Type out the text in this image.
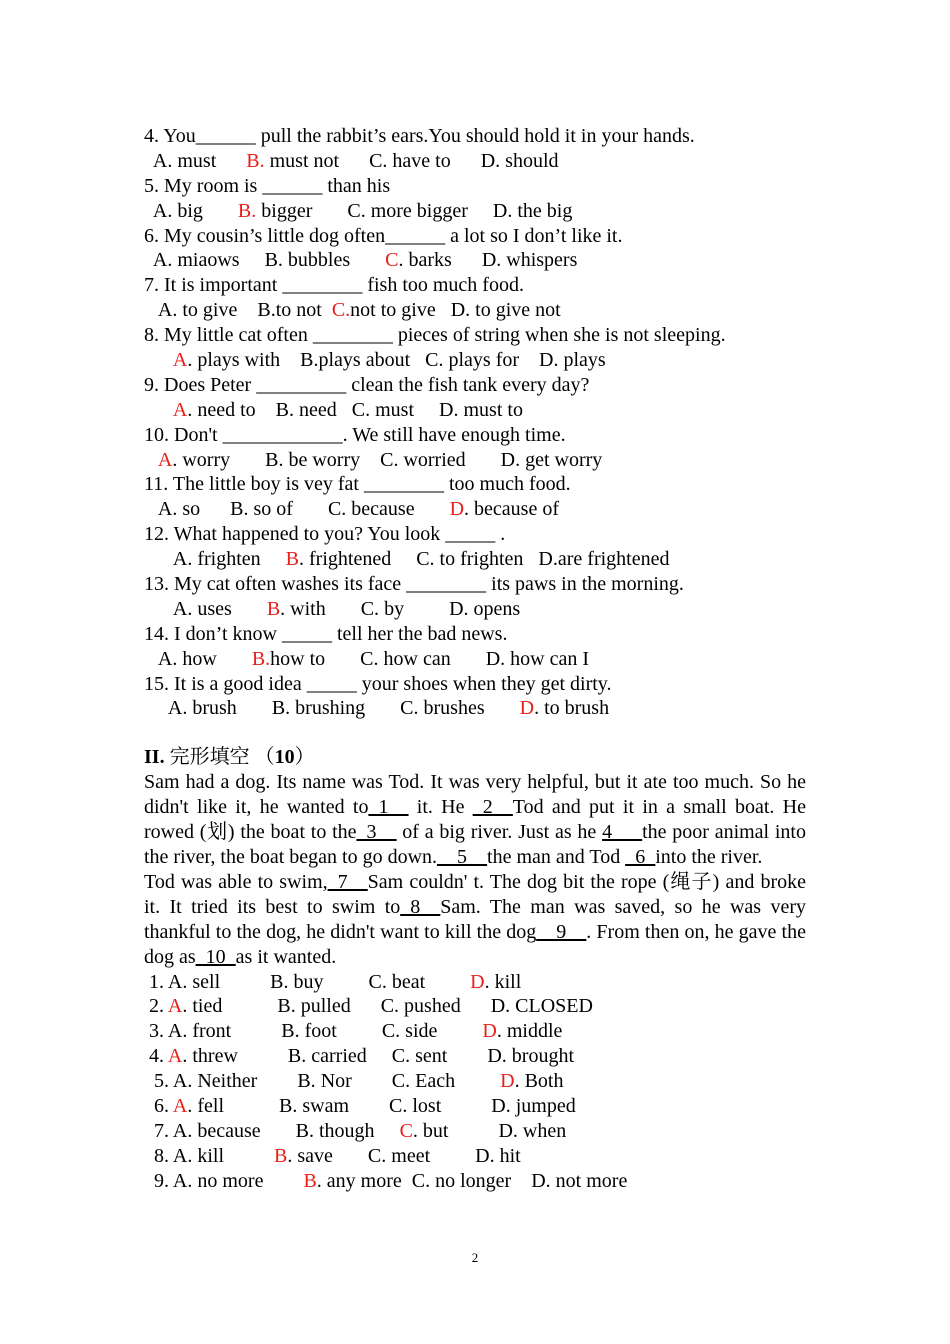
4. You______ pull the rabbit’s ears.You should hold it in your hands.
A. must      B. must not      C. have to      D. should
5. My room is ______ than his
A. big       B. bigger       C. more bigger     D. the big
6. My cousin’s little dog often______ a lot so I don’t like it.
A. miaows     B. bubbles       C. barks      D. whispers
7. It is important ________ fish too much food.
A. to give    B.to not  C.not to give   D. to give not
8. My little cat often ________ pieces of string when she is not sleeping.
A. plays with    B.plays about   C. plays for    D. plays
9. Does Peter _________ clean the fish tank every day?
A. need to    B. need   C. must     D. must to
10. Don't ____________. We still have enough time.
A. worry       B. be worry    C. worried       D. get worry
11. The little boy is vey fat ________ too much food.
A. so      B. so of       C. because       D. because of
12. What happened to you? You look _____ .
A. frighten     B. frightened     C. to frighten   D.are frightened
13. My cat often washes its face ________ its paws in the morning.
A. uses       B. with       C. by         D. opens
14. I don’t know _____ tell her the bad news.
A. how       B.how to       C. how can       D. how can I
15. It is a good idea _____ your shoes when they get dirty.
A. brush       B. brushing       C. brushes       D. to brush
II. 完形填空 （10）
Sam had a dog. Its name was Tod. It was very helpful, but it ate too much. So he didn't like it, he wanted to_1__ it. He _2__Tod and put it in a small boat. He rowed (划) the boat to the_3__ of a big river. Just as he 4___the poor animal into the river, the boat began to go down.__5__the man and Tod _6_into the river.
Tod was able to swim,_7__Sam couldn' t. The dog bit the rope (绳子) and broke it. It tried its best to swim to_8__Sam. The man was saved, so he was very thankful to the dog, he didn't want to kill the dog__9__. From then on, he gave the dog as_10_as it wanted.
1. A. sell          B. buy         C. beat         D. kill
2. A. tied           B. pulled      C. pushed      D. CLOSED
3. A. front          B. foot         C. side         D. middle
4. A. threw          B. carried     C. sent        D. brought
5. A. Neither        B. Nor        C. Each         D. Both
6. A. fell           B. swam        C. lost          D. jumped
7. A. because       B. though     C. but          D. when
8. A. kill          B. save       C. meet         D. hit
9. A. no more        B. any more  C. no longer    D. not more
2
